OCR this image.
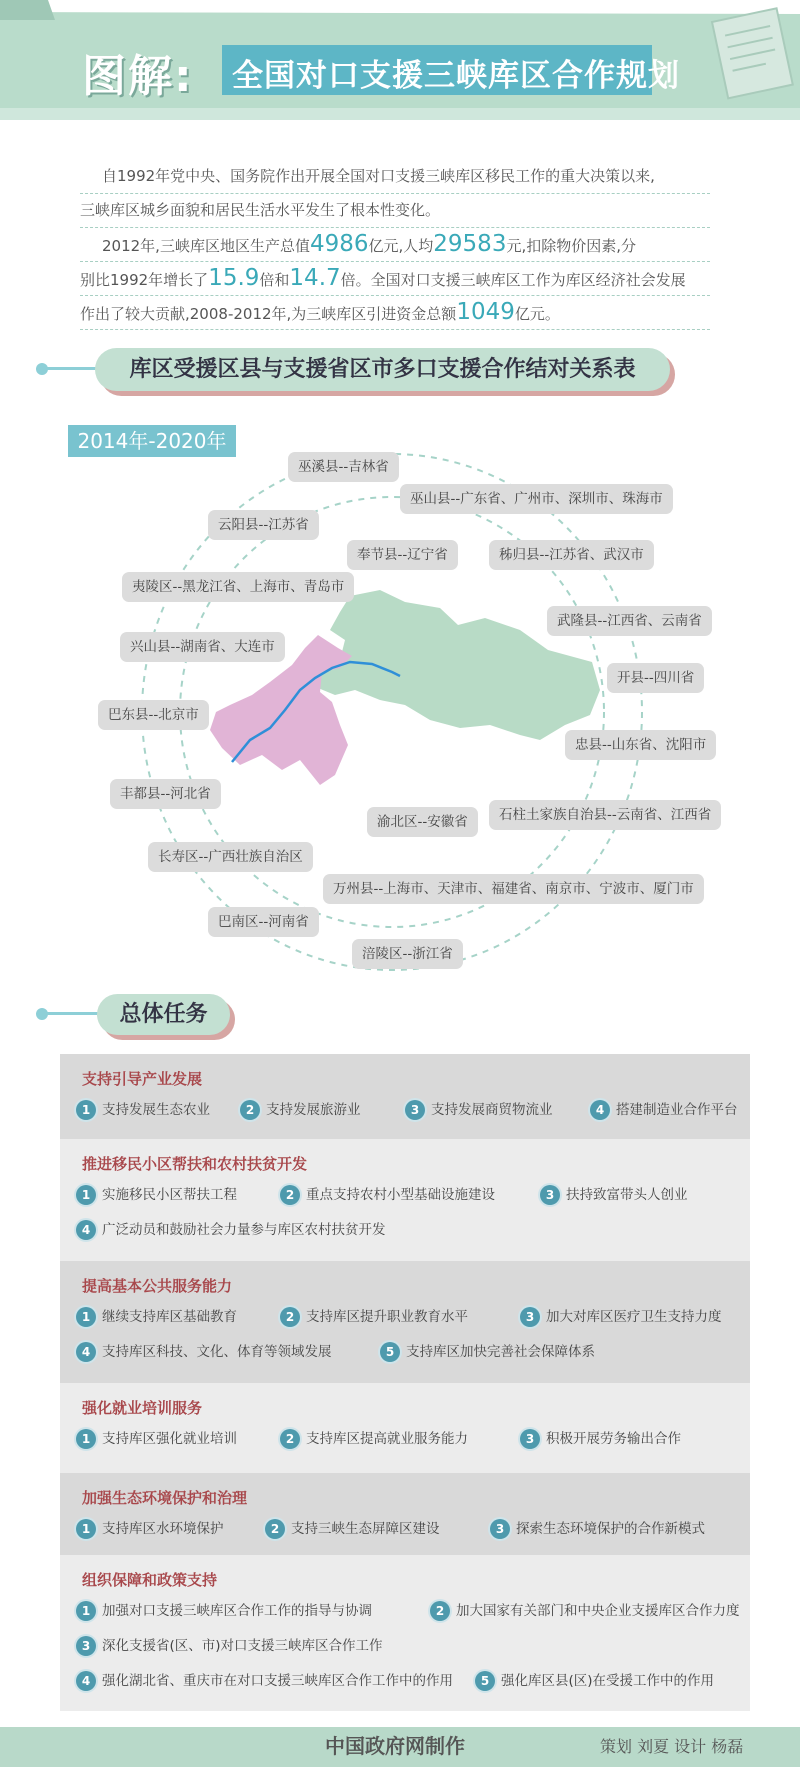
图解: 全国对口支援三峡库区合作规划
自1992年党中央、国务院作出开展全国对口支援三峡库区移民工作的重大决策以来,
三峡库区城乡面貌和居民生活水平发生了根本性变化。
2012年,三峡库区地区生产总值4986亿元,人均29583元,扣除物价因素,分
别比1992年增长了15.9倍和14.7倍。全国对口支援三峡库区工作为库区经济社会发展
作出了较大贡献,2008-2012年,为三峡库区引进资金总额1049亿元。
库区受援区县与支援省区市多口支援合作结对关系表
2014年-2020年
巫溪县--吉林省
巫山县--广东省、广州市、深圳市、珠海市
云阳县--江苏省
奉节县--辽宁省	秭归县--江苏省、武汉市
夷陵区--黑龙江省、上海市、青岛市
武隆县--江西省、云南省
兴山县--湖南省、大连市
开县--四川省
巴东县--北京市
忠县--山东省、沈阳市
丰都县--河北省
渝北区--安徽省	石柱土家族自治县--云南省、江西省
长寿区--广西壮族自治区
万州县--上海市、天津市、福建省、南京市、宁波市、厦门市
巴南区--河南省
涪陵区--浙江省
总体任务
支持引导产业发展
1 支持发展生态农业	2 支持发展旅游业	3 支持发展商贸物流业	4 搭建制造业合作平台
推进移民小区帮扶和农村扶贫开发
1 实施移民小区帮扶工程	2 重点支持农村小型基础设施建设	3 扶持致富带头人创业
4 广泛动员和鼓励社会力量参与库区农村扶贫开发
提高基本公共服务能力
1 继续支持库区基础教育	2 支持库区提升职业教育水平	3 加大对库区医疗卫生支持力度
4 支持库区科技、文化、体育等领域发展	5 支持库区加快完善社会保障体系
强化就业培训服务
1 支持库区强化就业培训	2 支持库区提高就业服务能力	3 积极开展劳务输出合作
加强生态环境保护和治理
1 支持库区水环境保护	2 支持三峡生态屏障区建设	3 探索生态环境保护的合作新模式
组织保障和政策支持
1 加强对口支援三峡库区合作工作的指导与协调	2 加大国家有关部门和中央企业支援库区合作力度
3 深化支援省(区、市)对口支援三峡库区合作工作
4 强化湖北省、重庆市在对口支援三峡库区合作工作中的作用	5 强化库区县(区)在受援工作中的作用
中国政府网制作	策划 刘夏 设计 杨磊
